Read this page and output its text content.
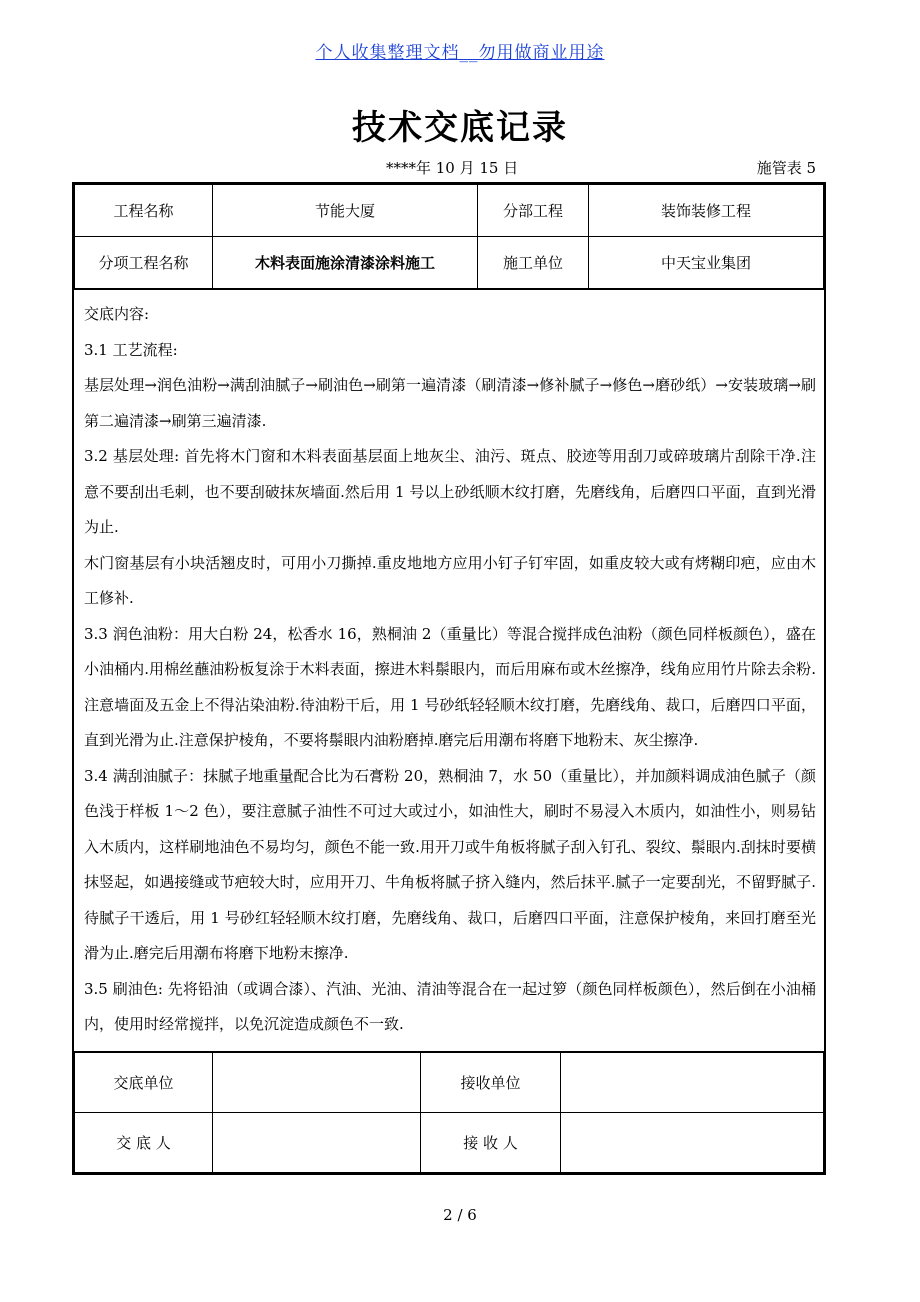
个人收集整理文档__勿用做商业用途
技术交底记录
****年 10 月 15 日	施管表 5
工程名称	节能大厦	分部工程	装饰装修工程
分项工程名称	木料表面施涂清漆涂料施工	施工单位	中天宝业集团

交底内容:

3.1 工艺流程:

基层处理→润色油粉→满刮油腻子→刷油色→刷第一遍清漆（刷清漆→修补腻子→修色→磨砂纸）→安装玻璃→刷第二遍清漆→刷第三遍清漆.

3.2 基层处理: 首先将木门窗和木料表面基层面上地灰尘、油污、斑点、胶迹等用刮刀或碎玻璃片刮除干净.注意不要刮出毛刺，也不要刮破抹灰墙面.然后用 1 号以上砂纸顺木纹打磨，先磨线角，后磨四口平面，直到光滑为止.

木门窗基层有小块活翘皮时，可用小刀撕掉.重皮地地方应用小钉子钉牢固，如重皮较大或有烤糊印疤，应由木工修补.

3.3 润色油粉：用大白粉 24，松香水 16，熟桐油 2（重量比）等混合搅拌成色油粉（颜色同样板颜色），盛在小油桶内.用棉丝蘸油粉板复涂于木料表面，擦进木料鬃眼内，而后用麻布或木丝擦净，线角应用竹片除去余粉.注意墙面及五金上不得沾染油粉.待油粉干后，用 1 号砂纸轻轻顺木纹打磨，先磨线角、裁口，后磨四口平面，直到光滑为止.注意保护棱角，不要将鬃眼内油粉磨掉.磨完后用潮布将磨下地粉末、灰尘擦净.

3.4 满刮油腻子：抹腻子地重量配合比为石膏粉 20，熟桐油 7，水 50（重量比），并加颜料调成油色腻子（颜色浅于样板 1～2 色），要注意腻子油性不可过大或过小，如油性大，刷时不易浸入木质内，如油性小，则易钻入木质内，这样刷地油色不易均匀，颜色不能一致.用开刀或牛角板将腻子刮入钉孔、裂纹、鬃眼内.刮抹时要横抹竖起，如遇接缝或节疤较大时，应用开刀、牛角板将腻子挤入缝内，然后抹平.腻子一定要刮光，不留野腻子.待腻子干透后，用 1 号砂红轻轻顺木纹打磨，先磨线角、裁口，后磨四口平面，注意保护棱角，来回打磨至光滑为止.磨完后用潮布将磨下地粉末擦净.

3.5 刷油色: 先将铅油（或调合漆）、汽油、光油、清油等混合在一起过箩（颜色同样板颜色），然后倒在小油桶内，使用时经常搅拌，以免沉淀造成颜色不一致.

交底单位		接收单位	
交 底 人		接 收 人	
2 / 6
